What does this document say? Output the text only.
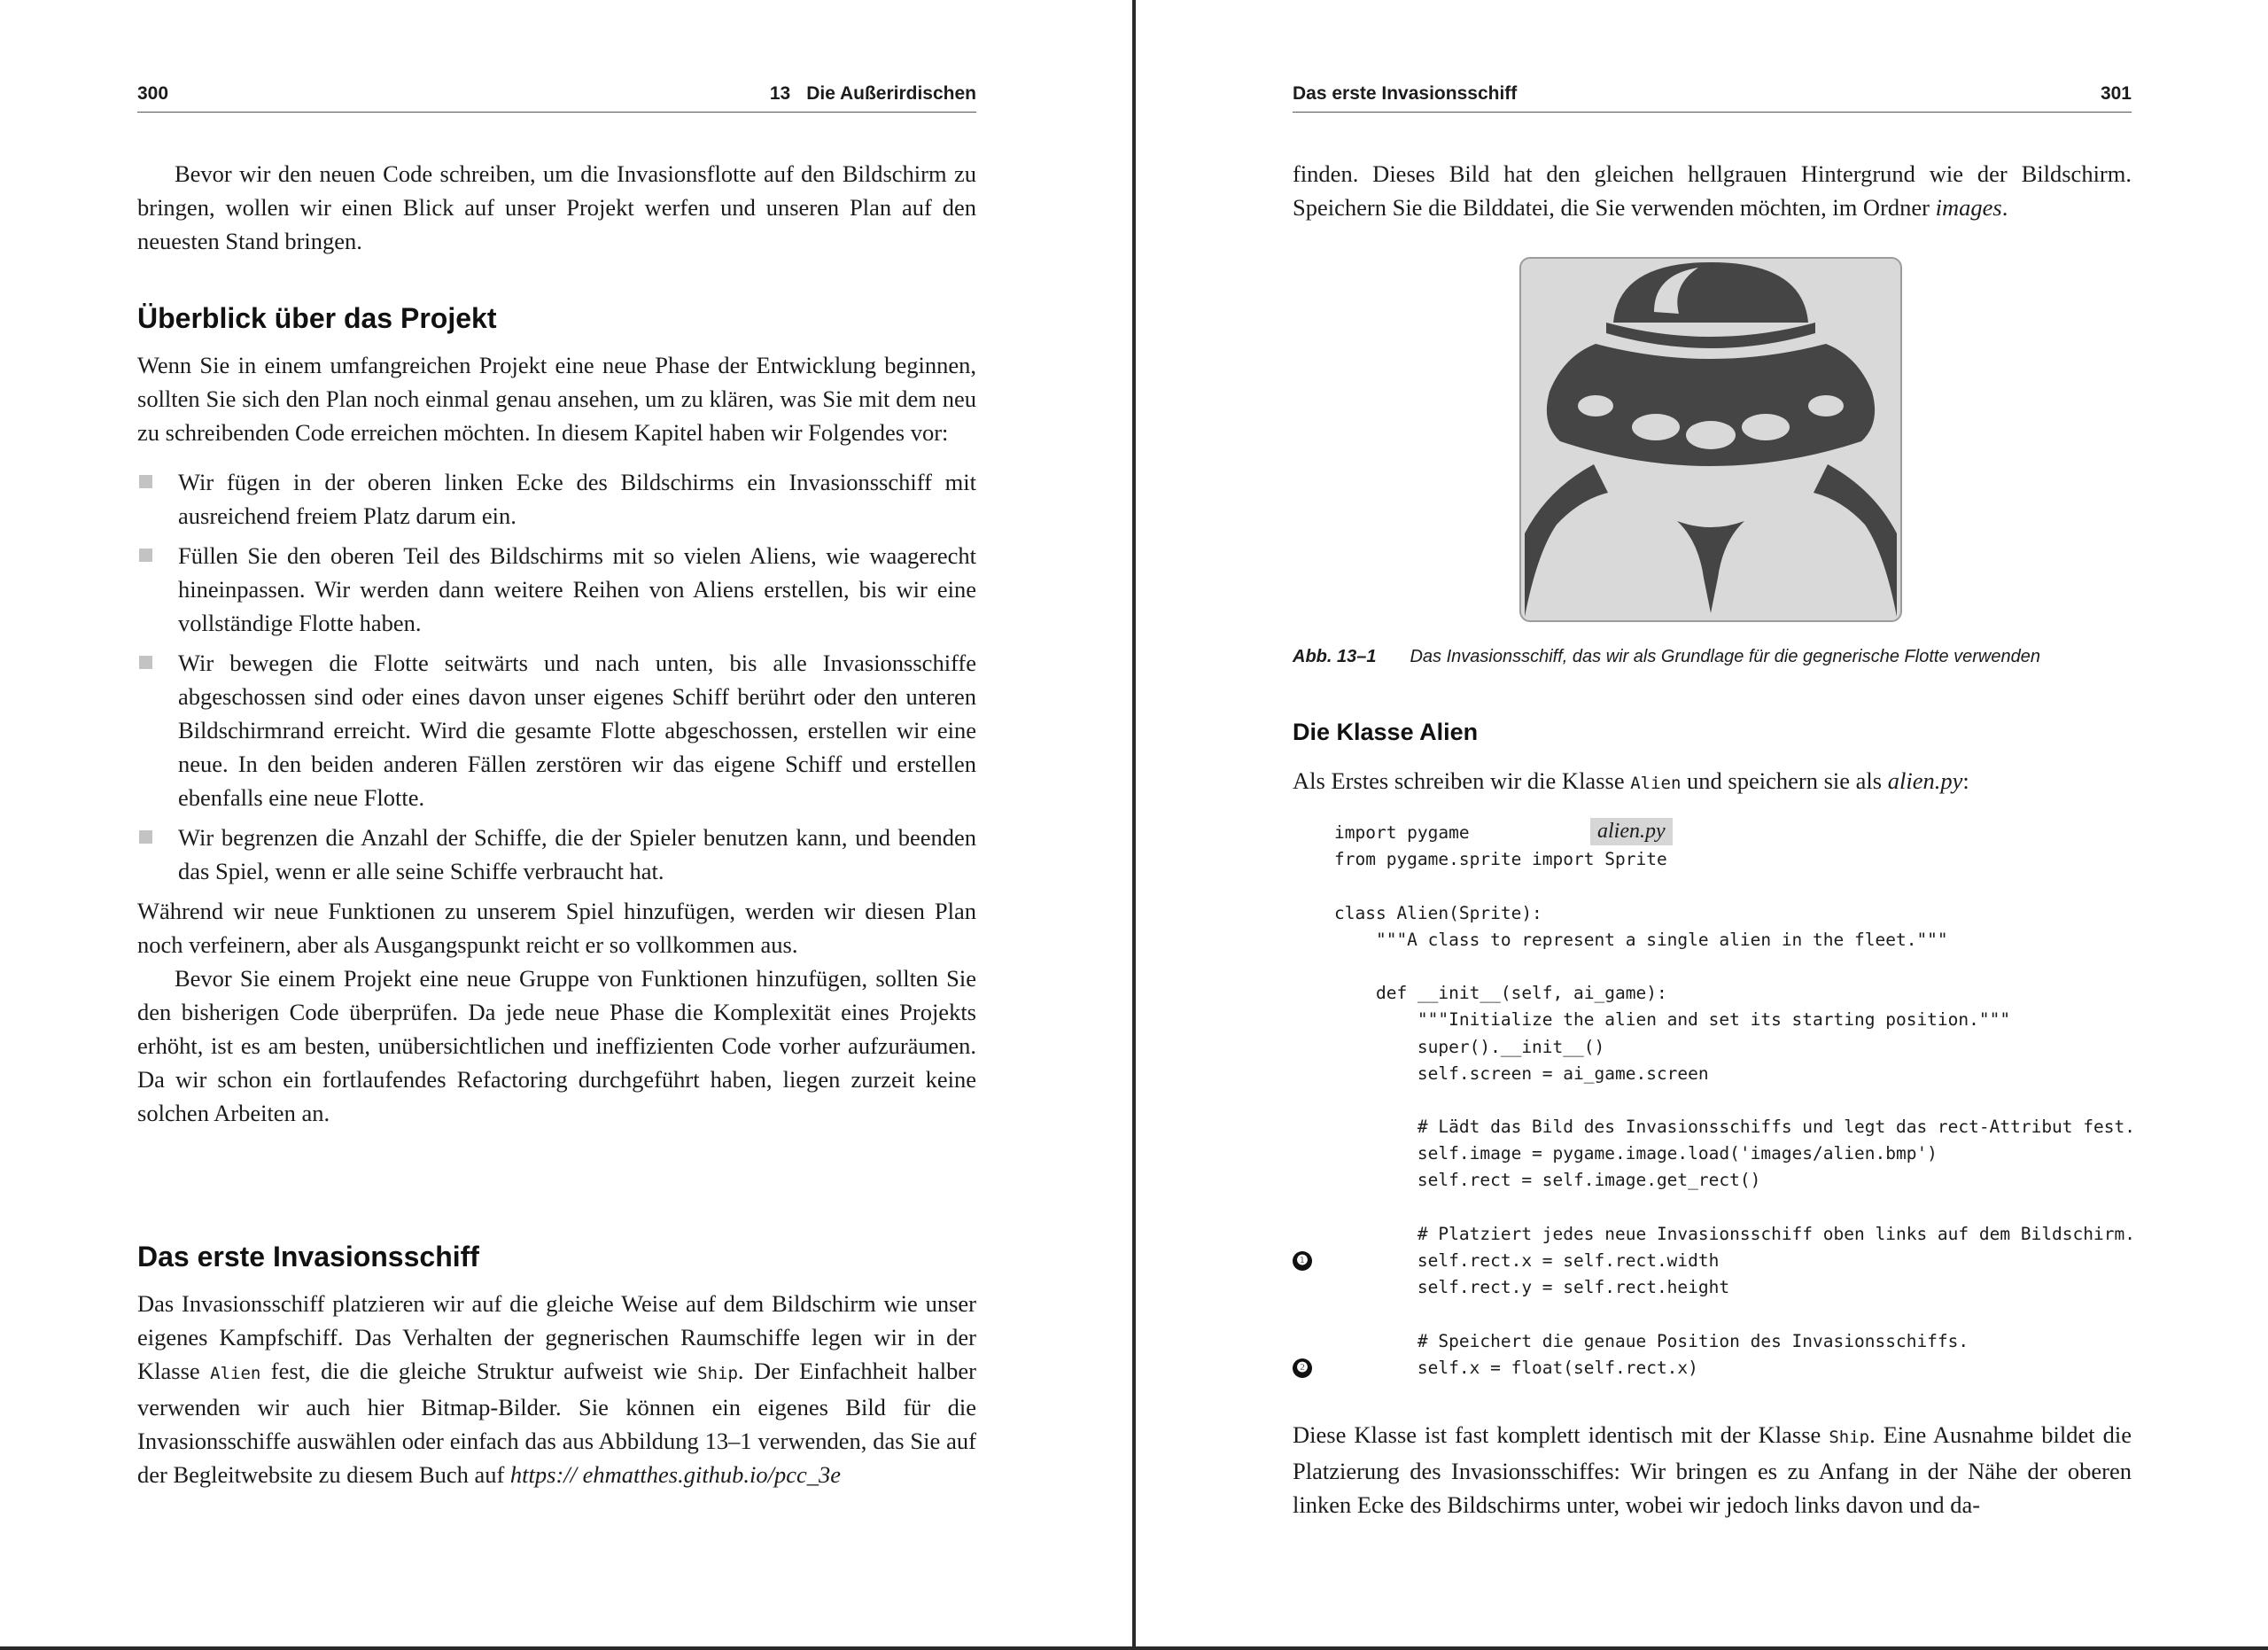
300	13 Die Außerirdischen

Bevor wir den neuen Code schreiben, um die Invasionsflotte auf den Bildschirm zu bringen, wollen wir einen Blick auf unser Projekt werfen und unseren Plan auf den neuesten Stand bringen.

Überblick über das Projekt

Wenn Sie in einem umfangreichen Projekt eine neue Phase der Entwicklung beginnen, sollten Sie sich den Plan noch einmal genau ansehen, um zu klären, was Sie mit dem neu zu schreibenden Code erreichen möchten. In diesem Kapitel haben wir Folgendes vor:

Wir fügen in der oberen linken Ecke des Bildschirms ein Invasionsschiff mit ausreichend freiem Platz darum ein.
Füllen Sie den oberen Teil des Bildschirms mit so vielen Aliens, wie waagerecht hineinpassen. Wir werden dann weitere Reihen von Aliens erstellen, bis wir eine vollständige Flotte haben.
Wir bewegen die Flotte seitwärts und nach unten, bis alle Invasionsschiffe abgeschossen sind oder eines davon unser eigenes Schiff berührt oder den unteren Bildschirmrand erreicht. Wird die gesamte Flotte abgeschossen, erstellen wir eine neue. In den beiden anderen Fällen zerstören wir das eigene Schiff und erstellen ebenfalls eine neue Flotte.
Wir begrenzen die Anzahl der Schiffe, die der Spieler benutzen kann, und beenden das Spiel, wenn er alle seine Schiffe verbraucht hat.

Während wir neue Funktionen zu unserem Spiel hinzufügen, werden wir diesen Plan noch verfeinern, aber als Ausgangspunkt reicht er so vollkommen aus.

Bevor Sie einem Projekt eine neue Gruppe von Funktionen hinzufügen, sollten Sie den bisherigen Code überprüfen. Da jede neue Phase die Komplexität eines Projekts erhöht, ist es am besten, unübersichtlichen und ineffizienten Code vorher aufzuräumen. Da wir schon ein fortlaufendes Refactoring durchgeführt haben, liegen zurzeit keine solchen Arbeiten an.

Das erste Invasionsschiff

Das Invasionsschiff platzieren wir auf die gleiche Weise auf dem Bildschirm wie unser eigenes Kampfschiff. Das Verhalten der gegnerischen Raumschiffe legen wir in der Klasse Alien fest, die die gleiche Struktur aufweist wie Ship. Der Einfachheit halber verwenden wir auch hier Bitmap-Bilder. Sie können ein eigenes Bild für die Invasionsschiffe auswählen oder einfach das aus Abbildung 13–1 verwenden, das Sie auf der Begleitwebsite zu diesem Buch auf https:// ehmatthes.github.io/pcc_3e

Das erste Invasionsschiff	301

finden. Dieses Bild hat den gleichen hellgrauen Hintergrund wie der Bildschirm. Speichern Sie die Bilddatei, die Sie verwenden möchten, im Ordner images.

Die Klasse Alien

Als Erstes schreiben wir die Klasse Alien und speichern sie als alien.py:

Diese Klasse ist fast komplett identisch mit der Klasse Ship. Eine Ausnahme bildet die Platzierung des Invasionsschiffes: Wir bringen es zu Anfang in der Nähe der oberen linken Ecke des Bildschirms unter, wobei wir jedoch links davon und da-

Abb. 13–1 Das Invasionsschiff, das wir als Grundlage für die gegnerische Flotte verwenden
alien.py
import pygame
from pygame.sprite import Sprite

class Alien(Sprite):
"""A class to represent a single alien in the fleet."""

def __init__(self, ai_game):
"""Initialize the alien and set its starting position."""
super().__init__()
self.screen = ai_game.screen

# Lädt das Bild des Invasionsschiffs und legt das rect-Attribut fest.
self.image = pygame.image.load('images/alien.bmp')
self.rect = self.image.get_rect()

# Platziert jedes neue Invasionsschiff oben links auf dem Bildschirm.
self.rect.x = self.rect.width
self.rect.y = self.rect.height

# Speichert die genaue Position des Invasionsschiffs.
self.x = float(self.rect.x)
❶
❷
